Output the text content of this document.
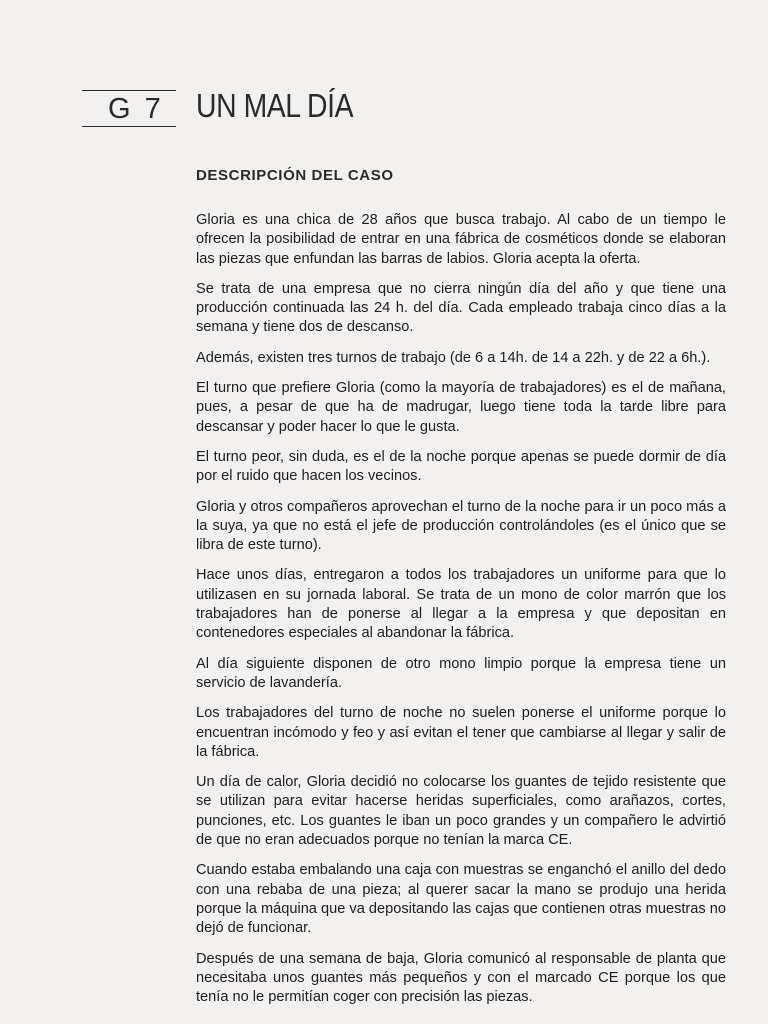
G 7 UN MAL DÍA
DESCRIPCIÓN DEL CASO

Gloria es una chica de 28 años que busca trabajo. Al cabo de un tiempo le ofrecen la posibilidad de entrar en una fábrica de cosméticos donde se elaboran las piezas que enfundan las barras de labios. Gloria acepta la oferta.

Se trata de una empresa que no cierra ningún día del año y que tiene una producción continuada las 24 h. del día. Cada empleado trabaja cinco días a la semana y tiene dos de descanso.

Además, existen tres turnos de trabajo (de 6 a 14h. de 14 a 22h. y de 22 a 6h.).

El turno que prefiere Gloria (como la mayoría de trabajadores) es el de mañana, pues, a pesar de que ha de madrugar, luego tiene toda la tarde libre para descansar y poder hacer lo que le gusta.

El turno peor, sin duda, es el de la noche porque apenas se puede dormir de día por el ruido que hacen los vecinos.

Gloria y otros compañeros aprovechan el turno de la noche para ir un poco más a la suya, ya que no está el jefe de producción controlándoles (es el único que se libra de este turno).

Hace unos días, entregaron a todos los trabajadores un uniforme para que lo utilizasen en su jornada laboral. Se trata de un mono de color marrón que los trabajadores han de ponerse al llegar a la empresa y que depositan en contenedores especiales al abandonar la fábrica.

Al día siguiente disponen de otro mono limpio porque la empresa tiene un servicio de lavandería.

Los trabajadores del turno de noche no suelen ponerse el uniforme porque lo encuentran incómodo y feo y así evitan el tener que cambiarse al llegar y salir de la fábrica.

Un día de calor, Gloria decidió no colocarse los guantes de tejido resistente que se utilizan para evitar hacerse heridas superficiales, como arañazos, cortes, punciones, etc. Los guantes le iban un poco grandes y un compañero le advirtió de que no eran adecuados porque no tenían la marca CE.

Cuando estaba embalando una caja con muestras se enganchó el anillo del dedo con una rebaba de una pieza; al querer sacar la mano se produjo una herida porque la máquina que va depositando las cajas que contienen otras muestras no dejó de funcionar.

Después de una semana de baja, Gloria comunicó al responsable de planta que necesitaba unos guantes más pequeños y con el marcado CE porque los que tenía no le permitían coger con precisión las piezas.
